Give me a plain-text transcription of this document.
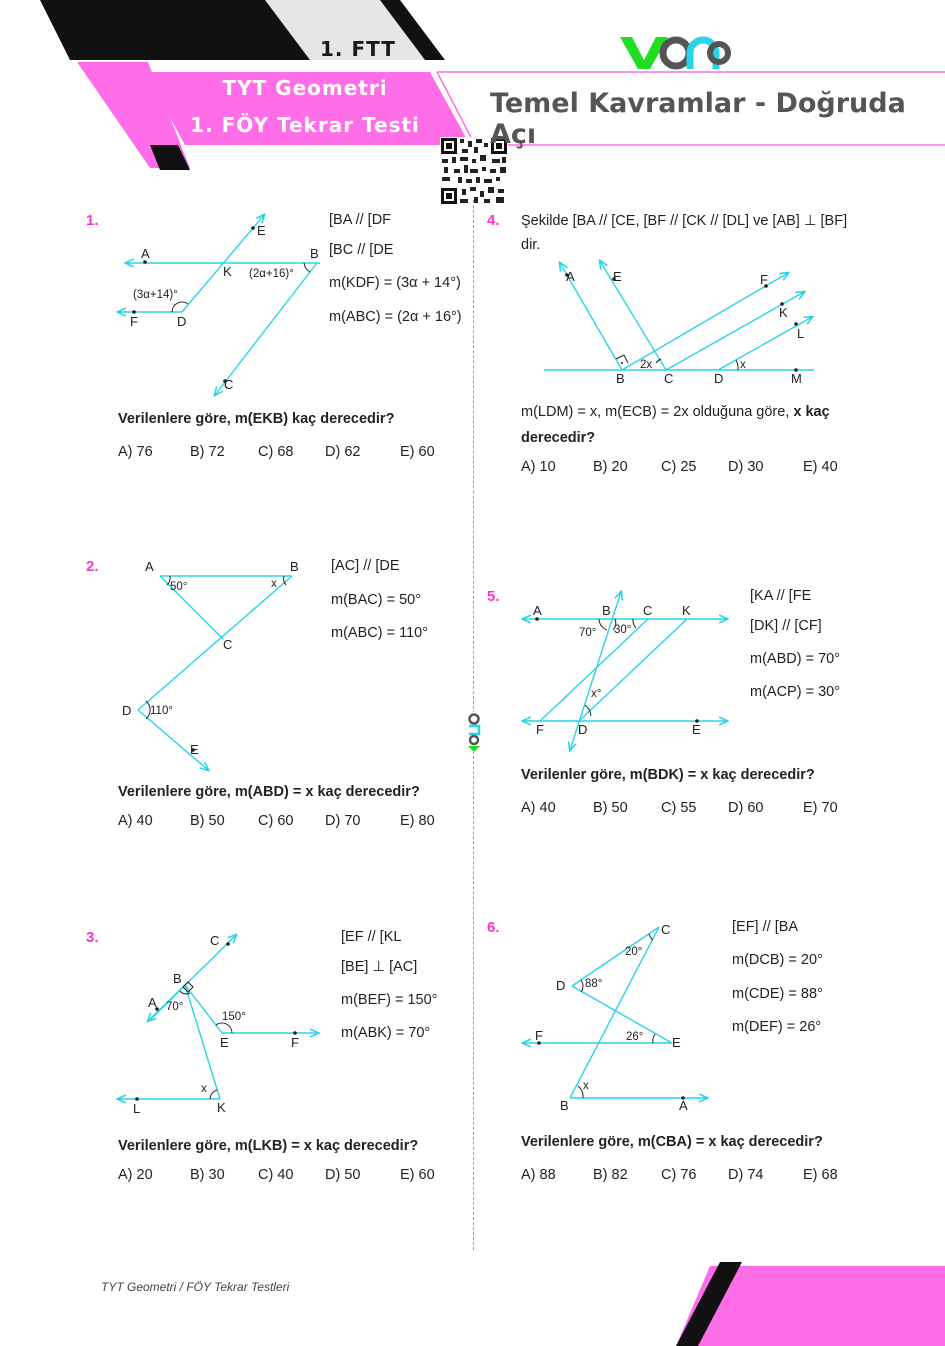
1. FTT
TYT Geometri
1. FÖY Tekrar Testi
Temel Kavramlar - Doğruda Açı
1.
A	B
C
D
E
F
K
(3α+14)°
(2α+16)°
[BA // [DF
[BC // [DE
m(KDF) = (3α + 14°)
m(ABC) = (2α + 16°)
Verilenlere göre, m(EKB) kaç derecedir?
A) 76	B) 72 C) 68 D) 62	E) 60
2.	A	B
C
D
E
50°	x
110°
[AC] // [DE
m(BAC) = 50°
m(ABC) = 110°
Verilenlere göre, m(ABD) = x kaç derecedir?
A) 40	B) 50 C) 60 D) 70	E) 80
3.	C
B
A
E	F
K
L
70°
150°
x
[EF // [KL
[BE] ⊥ [AC]
m(BEF) = 150°
m(ABK) = 70°
Verilenlere göre, m(LKB) = x kaç derecedir?
A) 20	B) 30 C) 40 D) 50	E) 60
4. Şekilde [BA // [CE, [BF // [CK // [DL] ve [AB] ⊥ [BF]
dir.
A	E	F
K
L
B	C	D	M
2x	x
m(LDM) = x, m(ECB) = 2x olduğuna göre, x kaç
derecedir?
A) 10	B) 20 C) 25 D) 30	E) 40
5.
A	B C K
F	D	E
70° 30°
x°
[KA // [FE
[DK] // [CF]
m(ABD) = 70°
m(ACP) = 30°
Verilenler göre, m(BDK) = x kaç derecedir?
A) 40	B) 50 C) 55 D) 60	E) 70
6.	C
D
E
F
B	A
20°
88°
26°
x
[EF] // [BA
m(DCB) = 20°
m(CDE) = 88°
m(DEF) = 26°
Verilenlere göre, m(CBA) = x kaç derecedir?
A) 88	B) 82 C) 76 D) 74	E) 68
TYT Geometri / FÖY Tekrar Testleri
